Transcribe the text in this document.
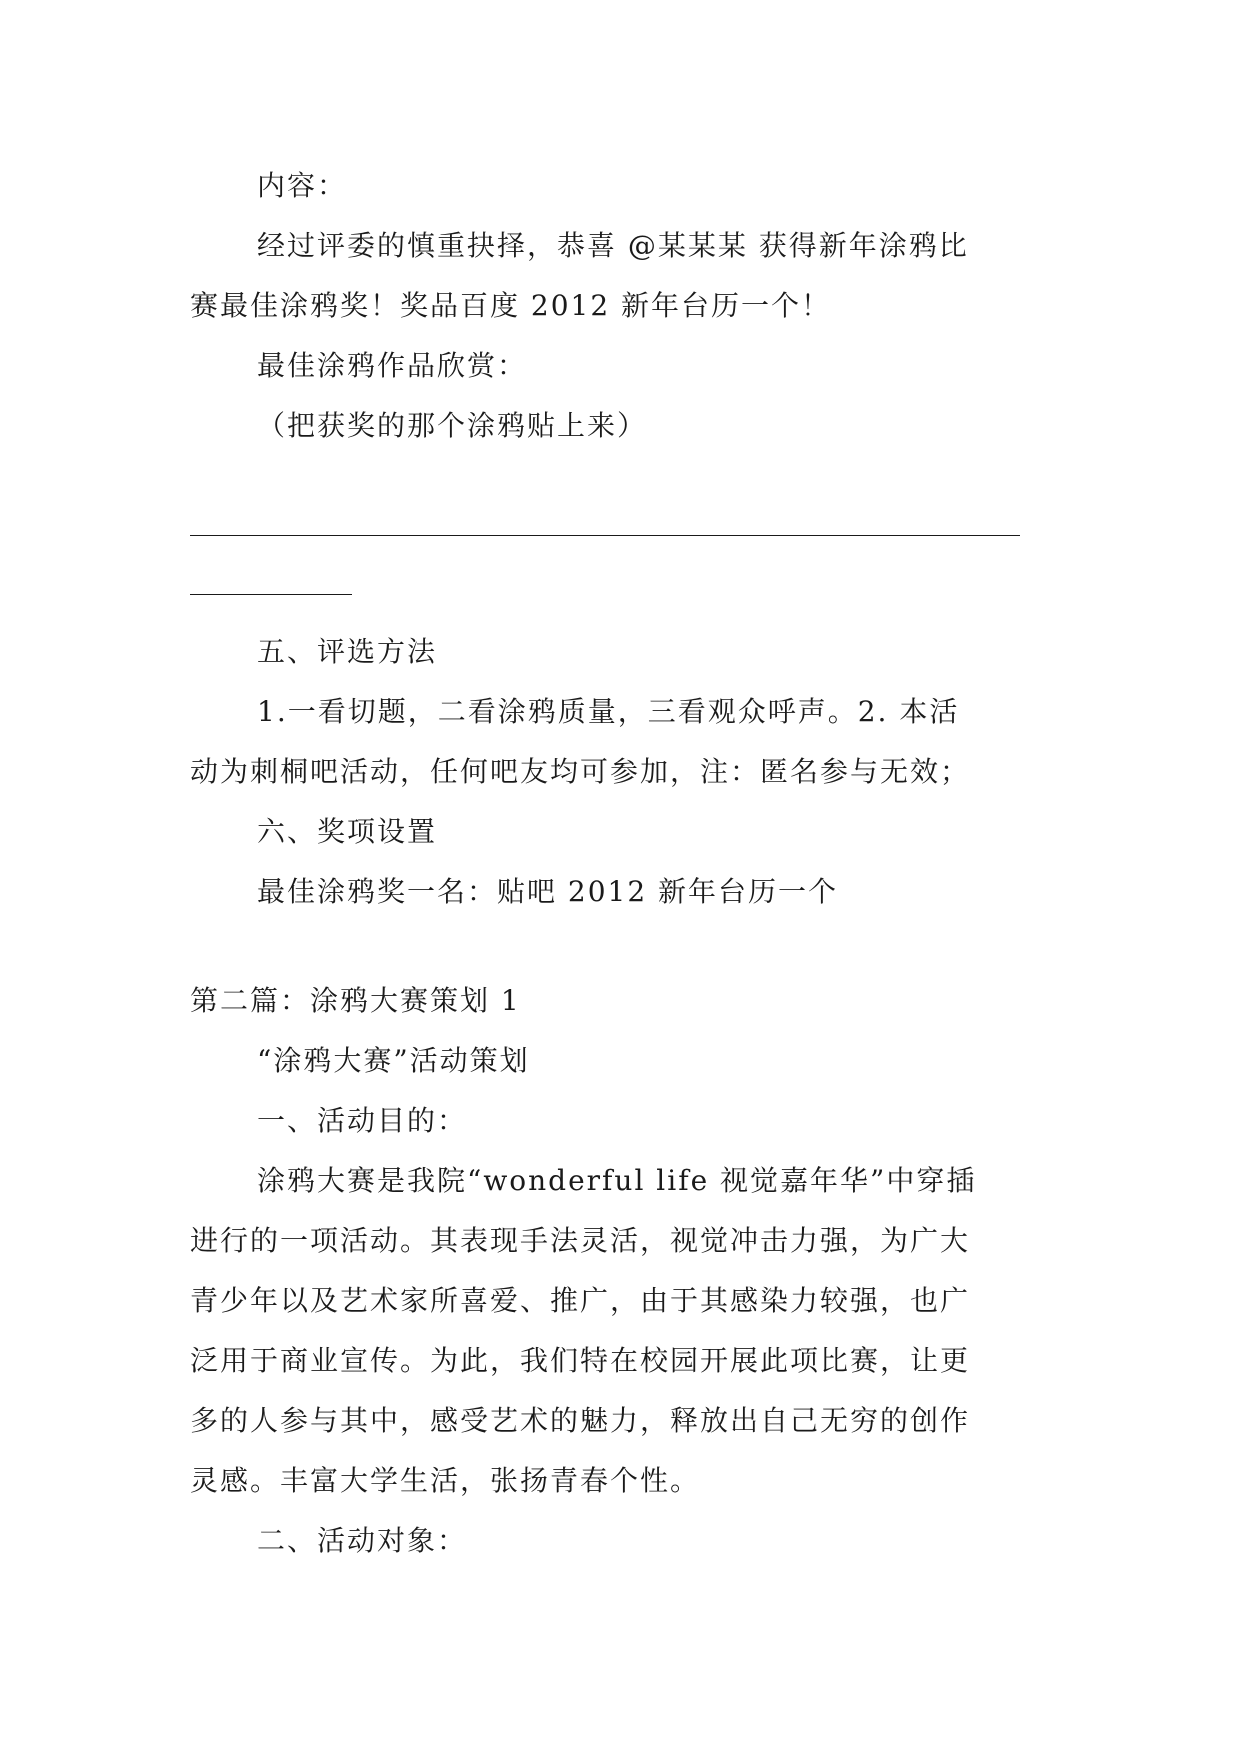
内容：
经过评委的慎重抉择，恭喜 @某某某 获得新年涂鸦比
赛最佳涂鸦奖！奖品百度 2012 新年台历一个！
最佳涂鸦作品欣赏：
（把获奖的那个涂鸦贴上来）
五、评选方法
1.一看切题，二看涂鸦质量，三看观众呼声。2. 本活
动为刺桐吧活动，任何吧友均可参加，注：匿名参与无效；
六、奖项设置
最佳涂鸦奖一名：贴吧 2012 新年台历一个
第二篇：涂鸦大赛策划 1
“涂鸦大赛”活动策划
一、活动目的：
涂鸦大赛是我院“wonderful life 视觉嘉年华”中穿插
进行的一项活动。其表现手法灵活，视觉冲击力强，为广大
青少年以及艺术家所喜爱、推广，由于其感染力较强，也广
泛用于商业宣传。为此，我们特在校园开展此项比赛，让更
多的人参与其中，感受艺术的魅力，释放出自己无穷的创作
灵感。丰富大学生活，张扬青春个性。
二、活动对象：
